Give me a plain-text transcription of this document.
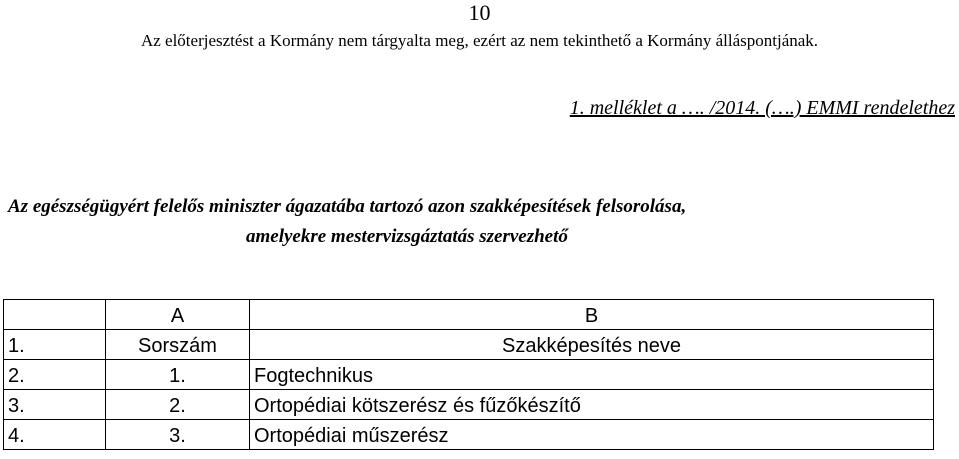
10
Az előterjesztést a Kormány nem tárgyalta meg, ezért az nem tekinthető a Kormány álláspontjának.
1. melléklet a …. /2014. (….) EMMI rendelethez
Az egészségügyért felelős miniszter ágazatába tartozó azon szakképesítések felsorolása,
amelyekre mestervizsgáztatás szervezhető
	A	B
1.	Sorszám	Szakképesítés neve
2.	1.	Fogtechnikus
3.	2.	Ortopédiai kötszerész és fűzőkészítő
4.	3.	Ortopédiai műszerész
